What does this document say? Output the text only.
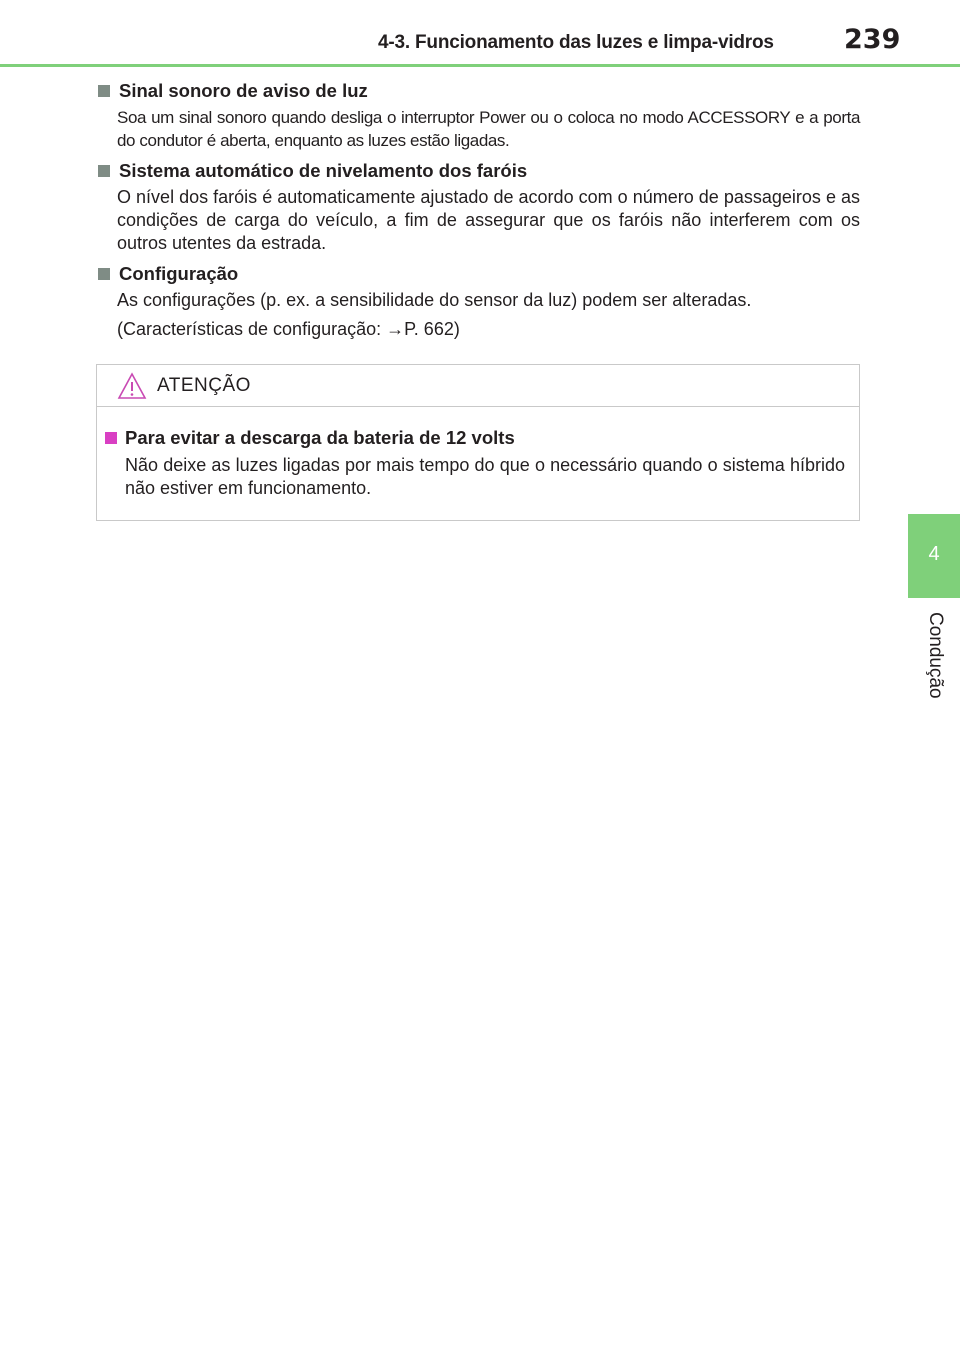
4-3. Funcionamento das luzes e limpa-vidros	239
4
Condução
Sinal sonoro de aviso de luz

Soa um sinal sonoro quando desliga o interruptor Power ou o coloca no modo ACCESSORY e a porta do condutor é aberta, enquanto as luzes estão ligadas.

Sistema automático de nivelamento dos faróis

O nível dos faróis é automaticamente ajustado de acordo com o número de passageiros e as condições de carga do veículo, a fim de assegurar que os faróis não interferem com os outros utentes da estrada.

Configuração

As configurações (p. ex. a sensibilidade do sensor da luz) podem ser alteradas.

(Características de configuração: →P. 662)

ATENÇÃO
Para evitar a descarga da bateria de 12 volts
Não deixe as luzes ligadas por mais tempo do que o necessário quando o sistema híbrido não estiver em funcionamento.
